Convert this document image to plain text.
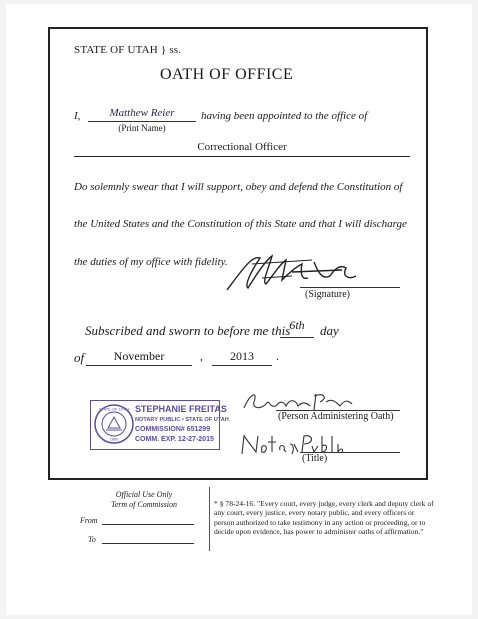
STATE OF UTAH } ss.
OATH OF OFFICE
I,	Matthew Reier
(Print Name)
having been appointed to the office of
Correctional Officer
Do solemnly swear that I will support, obey and defend the Constitution of
the United States and the Constitution of this State and that I will discharge
the duties of my office with fidelity.
(Signature)
Subscribed and sworn to before me this
6th	day
of	November	,	2013	.
STATE OF UTAH
1896
STEPHANIE FREITAS
NOTARY PUBLIC • STATE OF UTAH
COMMISSION# 651299
COMM. EXP. 12-27-2015
(Person Administering Oath)
(Title)
Official Use Only
Term of Commission
From
To
* § 78-24-16. "Every court, every judge, every clerk and deputy clerk of any court, every justice, every notary public, and every officers or person authorized to take testimony in any action or proceeding, or to decide upon evidence, has power to administer oaths of affirmation."
